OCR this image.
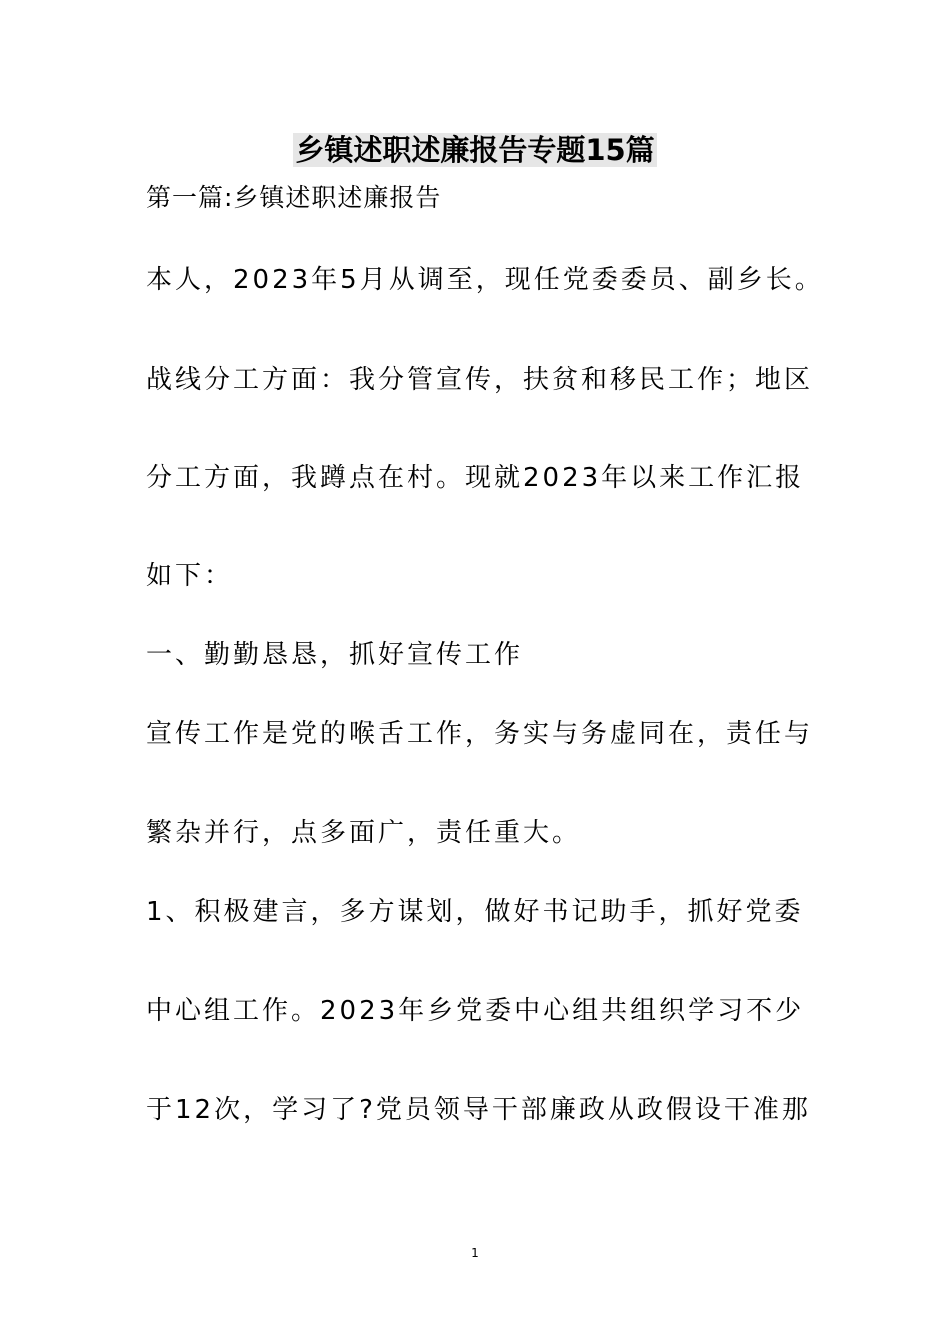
乡镇述职述廉报告专题15篇
第一篇:乡镇述职述廉报告
本人，2023年5月从调至，现任党委委员、副乡长。
战线分工方面：我分管宣传，扶贫和移民工作；地区
分工方面，我蹲点在村。现就2023年以来工作汇报
如下：
一、勤勤恳恳，抓好宣传工作
宣传工作是党的喉舌工作，务实与务虚同在，责任与
繁杂并行，点多面广，责任重大。
1、积极建言，多方谋划，做好书记助手，抓好党委
中心组工作。2023年乡党委中心组共组织学习不少
于12次，学习了?党员领导干部廉政从政假设干准那
1
